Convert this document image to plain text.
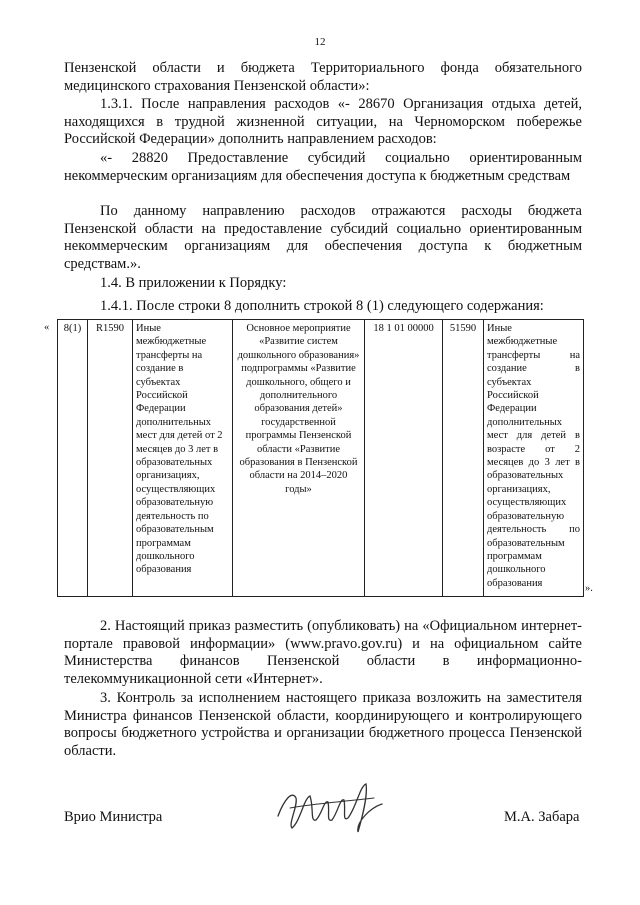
12

Пензенской области и бюджета Территориального фонда обязательного медицинского страхования Пензенской области»:

1.3.1. После направления расходов «- 28670 Организация отдыха детей, находящихся в трудной жизненной ситуации, на Черноморском побережье Российской Федерации» дополнить направлением расходов:

«- 28820 Предоставление субсидий социально ориентированным некоммерческим организациям для обеспечения доступа к бюджетным средствам

По данному направлению расходов отражаются расходы бюджета Пензенской области на предоставление субсидий социально ориентированным некоммерческим организациям для обеспечения доступа к бюджетным средствам.».

1.4. В приложении к Порядку:

1.4.1. После строки 8 дополнить строкой 8 (1) следующего содержания:

« 8(1)	R1590	Иные межбюджетные трансферты на создание в субъектах Российской Федерации дополнительных мест для детей от 2 месяцев до 3 лет в образовательных организациях, осуществляющих образовательную деятельность по образовательным программам дошкольного образования	Основное мероприятие «Развитие систем дошкольного образования» подпрограммы «Развитие дошкольного, общего и дополнительного образования детей» государственной программы Пензенской области «Развитие образования в Пензенской области на 2014–2020 годы»	18 1 01 00000	51590	Иные межбюджетные трансферты на создание в субъектах Российской Федерации дополнительных мест для детей в возрасте от 2 месяцев до 3 лет в образовательных организациях, осуществляющих образовательную деятельность по образовательным программам дошкольного образования	».

2. Настоящий приказ разместить (опубликовать) на «Официальном интернет-портале правовой информации» (www.pravo.gov.ru) и на официальном сайте Министерства финансов Пензенской области в информационно-телекоммуникационной сети «Интернет».

3. Контроль за исполнением настоящего приказа возложить на заместителя Министра финансов Пензенской области, координирующего и контролирующего вопросы бюджетного устройства и организации бюджетного процесса Пензенской области.

Врио Министра	М.А. Забара
